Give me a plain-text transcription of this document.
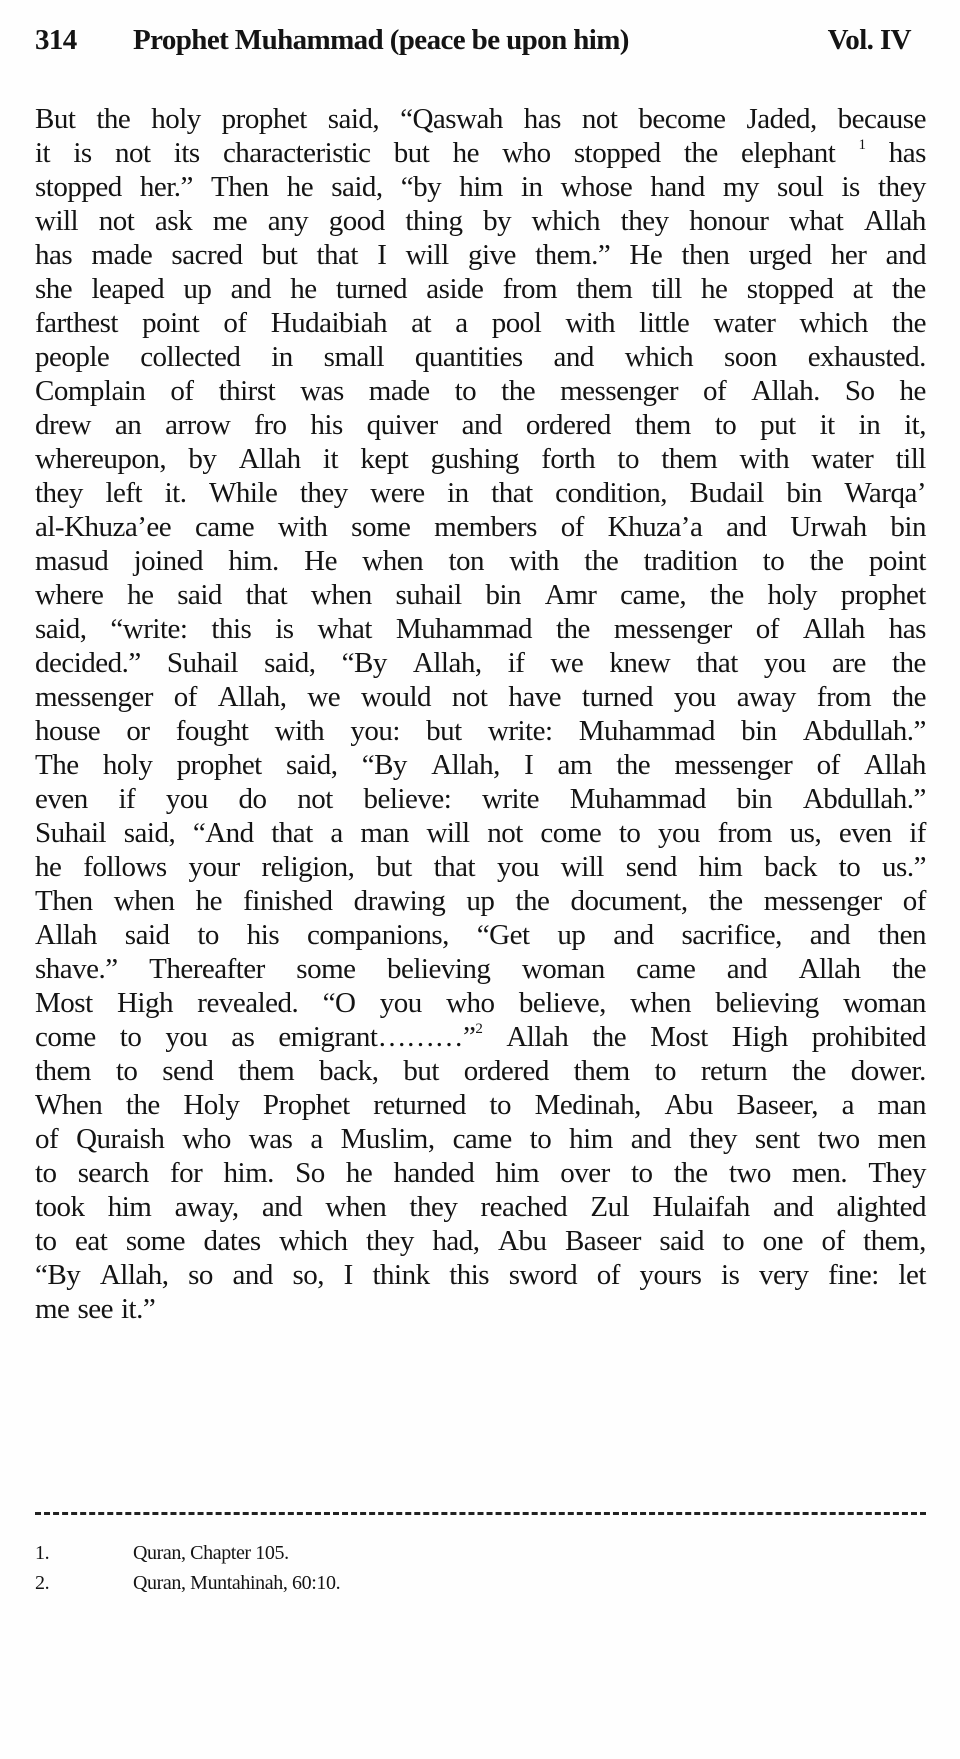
314 Prophet Muhammad (peace be upon him)	Vol. IV
But the holy prophet said, “Qaswah has not become Jaded, because
it is not its characteristic but he who stopped the elephant $^1$ has
stopped her.” Then he said, “by him in whose hand my soul is they
will not ask me any good thing by which they honour what Allah
has made sacred but that I will give them.” He then urged her and
she leaped up and he turned aside from them till he stopped at the
farthest point of Hudaibiah at a pool with little water which the
people collected in small quantities and which soon exhausted.
Complain of thirst was made to the messenger of Allah. So he
drew an arrow fro his quiver and ordered them to put it in it,
whereupon, by Allah it kept gushing forth to them with water till
they left it. While they were in that condition, Budail bin Warqa’
al-Khuza’ee came with some members of Khuza’a and Urwah bin
masud joined him. He when ton with the tradition to the point
where he said that when suhail bin Amr came, the holy prophet
said, “write: this is what Muhammad the messenger of Allah has
decided.” Suhail said, “By Allah, if we knew that you are the
messenger of Allah, we would not have turned you away from the
house or fought with you: but write: Muhammad bin Abdullah.”
The holy prophet said, “By Allah, I am the messenger of Allah
even if you do not believe: write Muhammad bin Abdullah.”
Suhail said, “And that a man will not come to you from us, even if
he follows your religion, but that you will send him back to us.”
Then when he finished drawing up the document, the messenger of
Allah said to his companions, “Get up and sacrifice, and then
shave.” Thereafter some believing woman came and Allah the
Most High revealed. “O you who believe, when believing woman
come to you as emigrant………”$^2$ Allah the Most High prohibited
them to send them back, but ordered them to return the dower.
When the Holy Prophet returned to Medinah, Abu Baseer, a man
of Quraish who was a Muslim, came to him and they sent two men
to search for him. So he handed him over to the two men. They
took him away, and when they reached Zul Hulaifah and alighted
to eat some dates which they had, Abu Baseer said to one of them,
“By Allah, so and so, I think this sword of yours is very fine: let
me see it.”
1.	Quran, Chapter 105.
2.	Quran, Muntahinah, 60:10.
